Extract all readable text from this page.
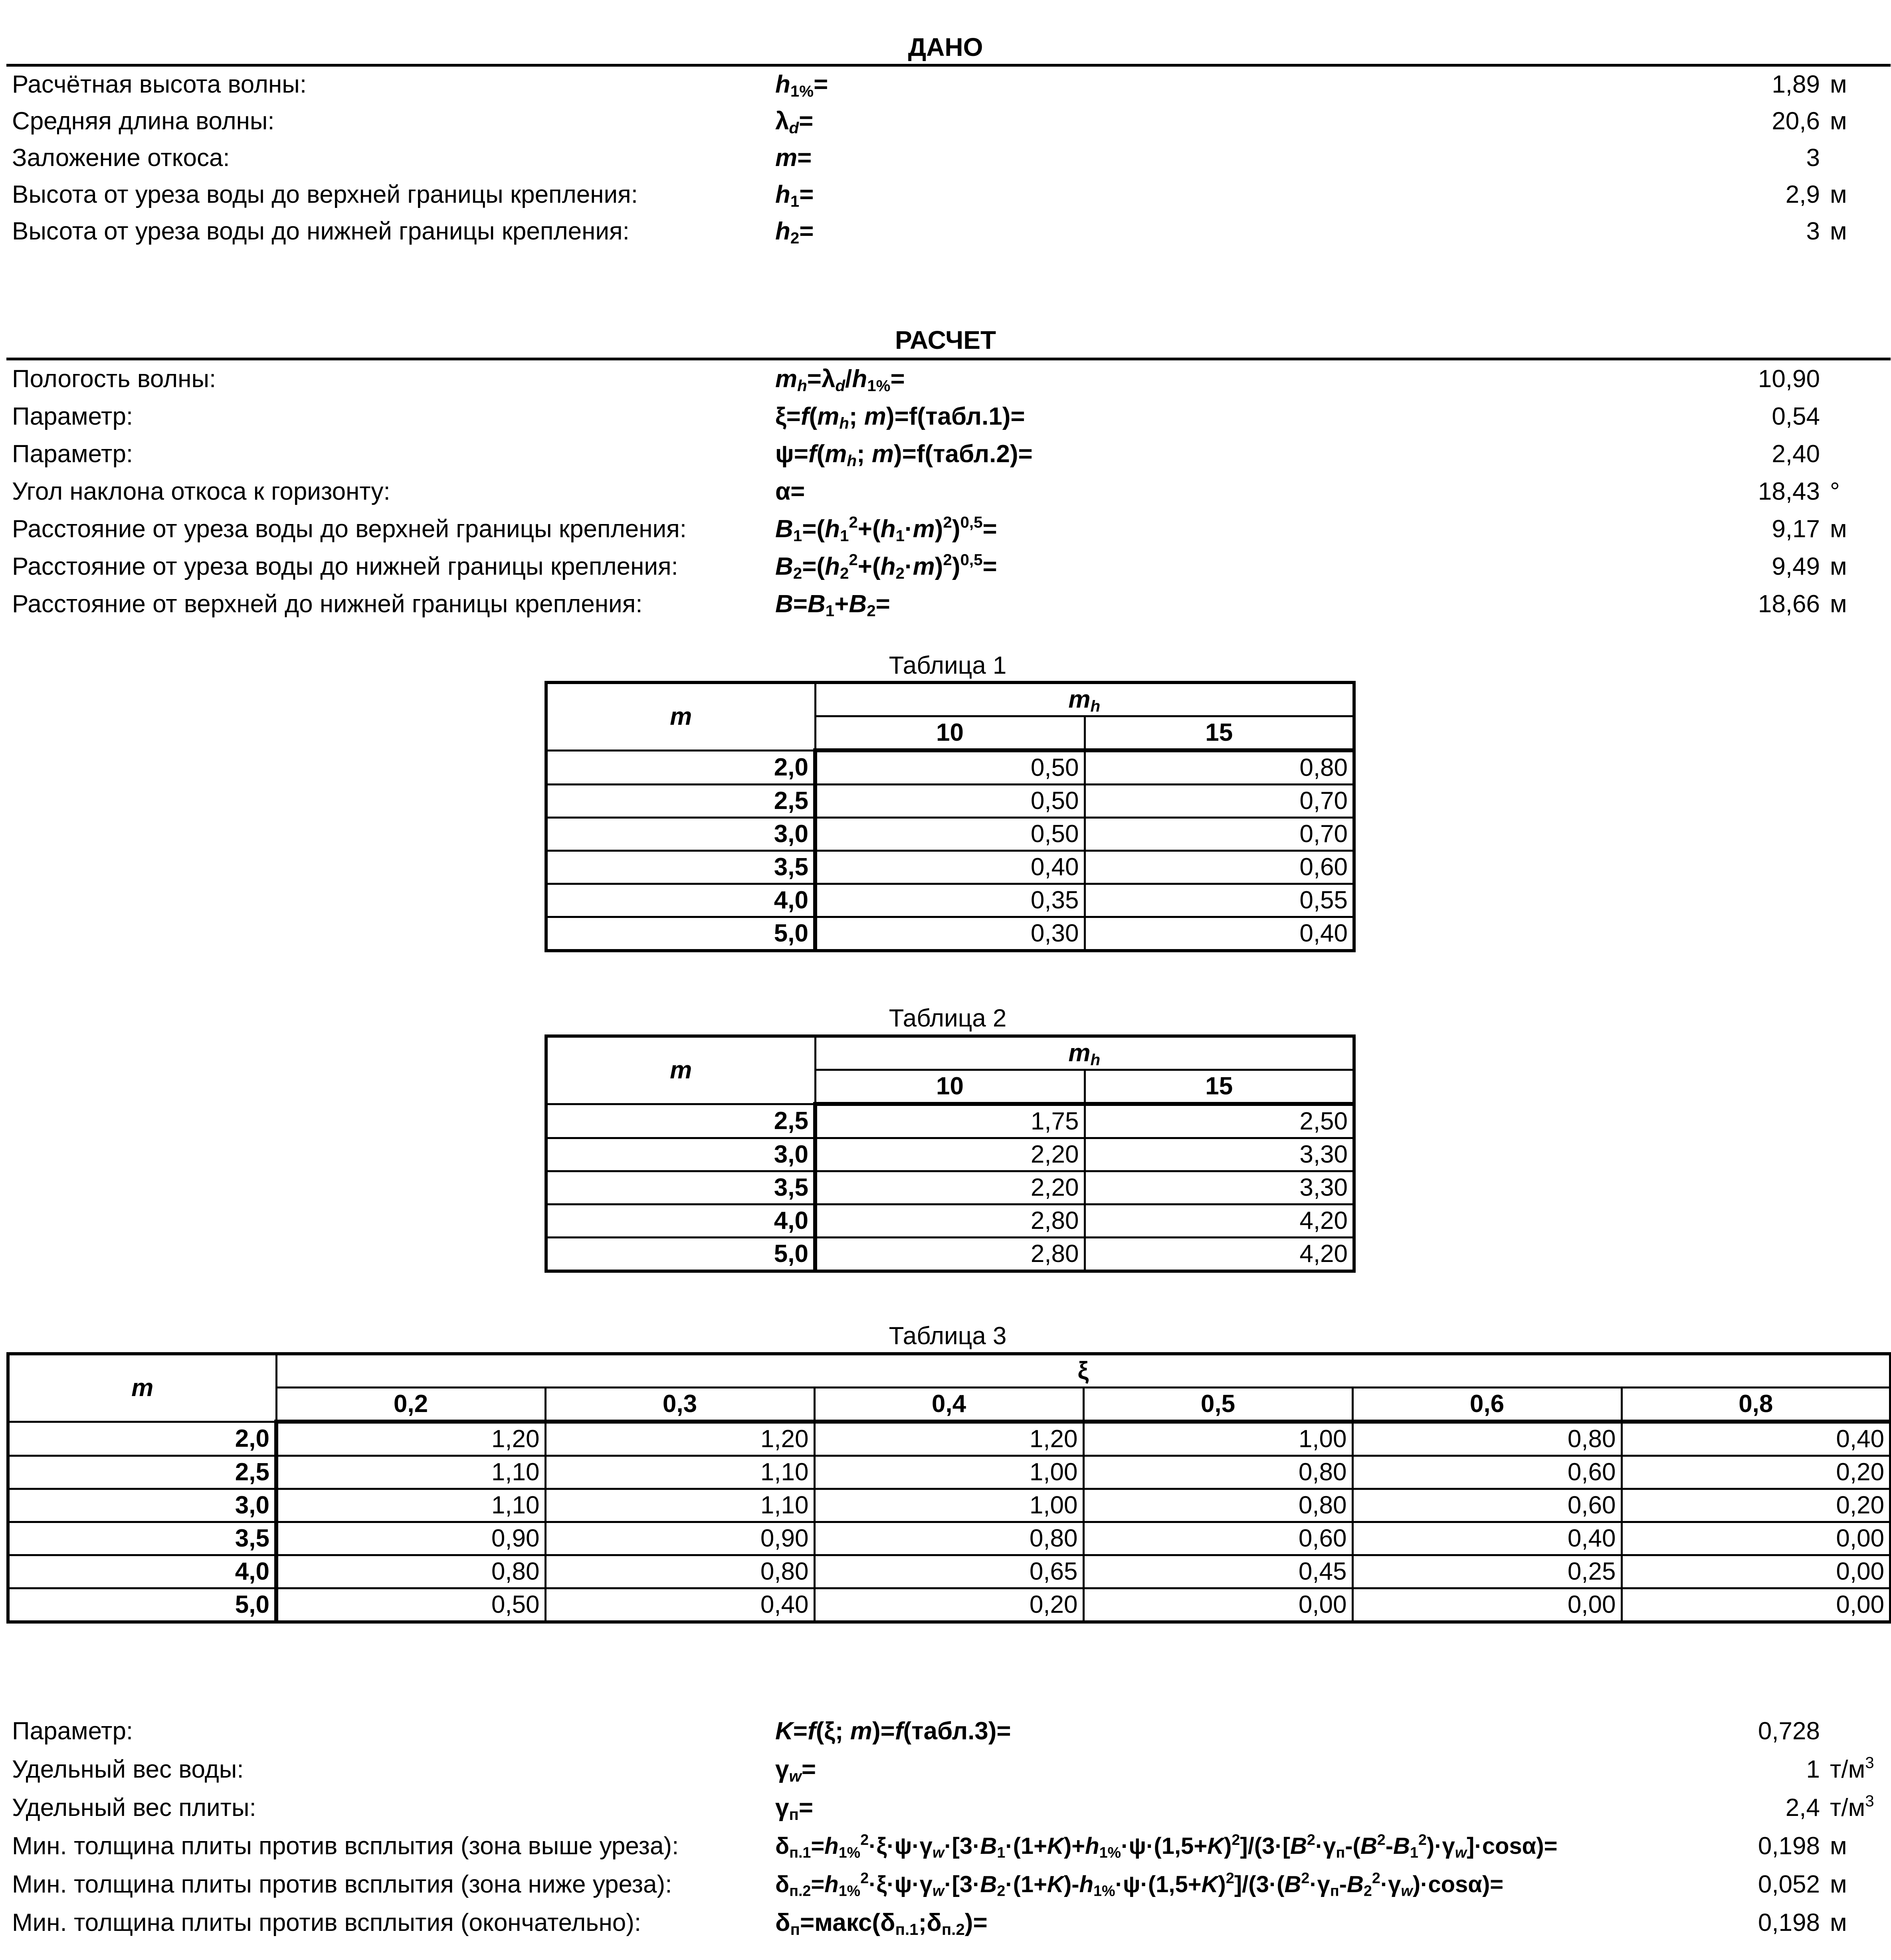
ДАНО
Расчётная высота волны:	$h_{1\%}=$	1,89 м
Средняя длина волны:	$\lambda_d=$	20,6 м
Заложение откоса:	m=	3
Высота от уреза воды до верхней границы крепления:	$h_1=$	2,9 м
Высота от уреза воды до нижней границы крепления:	$h_2=$	3 м
РАСЧЕТ
Пологость волны:	$m_h=\lambda_d/h_{1\%}=$	10,90
Параметр:	$\xi=f(m_h$; m)=f(табл.1)=	0,54
Параметр:	$\psi=f(m_h$; m)=f(табл.2)=	2,40
Угол наклона откоса к горизонту:	α=	18,43 °
Расстояние от уреза воды до верхней границы крепления:	$B_1=(h_1^2+(h_1\cdot m)^2)^{0,5}=$	9,17 м
Расстояние от уреза воды до нижней границы крепления:	$B_2=(h_2^2+(h_2\cdot m)^2)^{0,5}=$	9,49 м
Расстояние от верхней до нижней границы крепления:	$B=B_1+B_2=$	18,66 м
Таблица 1
m	$m_h$
	10	15
2,0	0,50	0,80
2,5	0,50	0,70
3,0	0,50	0,70
3,5	0,40	0,60
4,0	0,35	0,55
5,0	0,30	0,40
Таблица 2
m	$m_h$
	10	15
2,5	1,75	2,50
3,0	2,20	3,30
3,5	2,20	3,30
4,0	2,80	4,20
5,0	2,80	4,20
Таблица 3
m	ξ					
	0,2	0,3	0,4	0,5	0,6	0,8
2,0	1,20	1,20	1,20	1,00	0,80	0,40
2,5	1,10	1,10	1,00	0,80	0,60	0,20
3,0	1,10	1,10	1,00	0,80	0,60	0,20
3,5	0,90	0,90	0,80	0,60	0,40	0,00
4,0	0,80	0,80	0,65	0,45	0,25	0,00
5,0	0,50	0,40	0,20	0,00	0,00	0,00
Параметр:	K=f(ξ; m)=f(табл.3)=	0,728
Удельный вес воды:	$\gamma_w=$	1 $т/м^3$
Удельный вес плиты:	$\gamma_п=$	2,4 $т/м^3$
Мин. толщина плиты против всплытия (зона выше уреза):	$\delta_{п.1}=h_{1\%}^2\cdot\xi\cdot\psi\cdot\gamma_w\cdot[3\cdot B_1\cdot(1+K)+h_{1\%}\cdot\psi\cdot(1,5+K)^2]/(3\cdot[B^2\cdot\gamma_п-(B^2-B_1^2)\cdot\gamma_w]\cdot\cos\alpha)=$	0,198 м
Мин. толщина плиты против всплытия (зона ниже уреза):	$\delta_{п.2}=h_{1\%}^2\cdot\xi\cdot\psi\cdot\gamma_w\cdot[3\cdot B_2\cdot(1+K)-h_{1\%}\cdot\psi\cdot(1,5+K)^2]/(3\cdot(B^2\cdot\gamma_п-B_2^2\cdot\gamma_w)\cdot\cos\alpha)=$	0,052 м
Мин. толщина плиты против всплытия (окончательно):	$\delta_п=макс(\delta_{п.1};\delta_{п.2})=$	0,198 м
